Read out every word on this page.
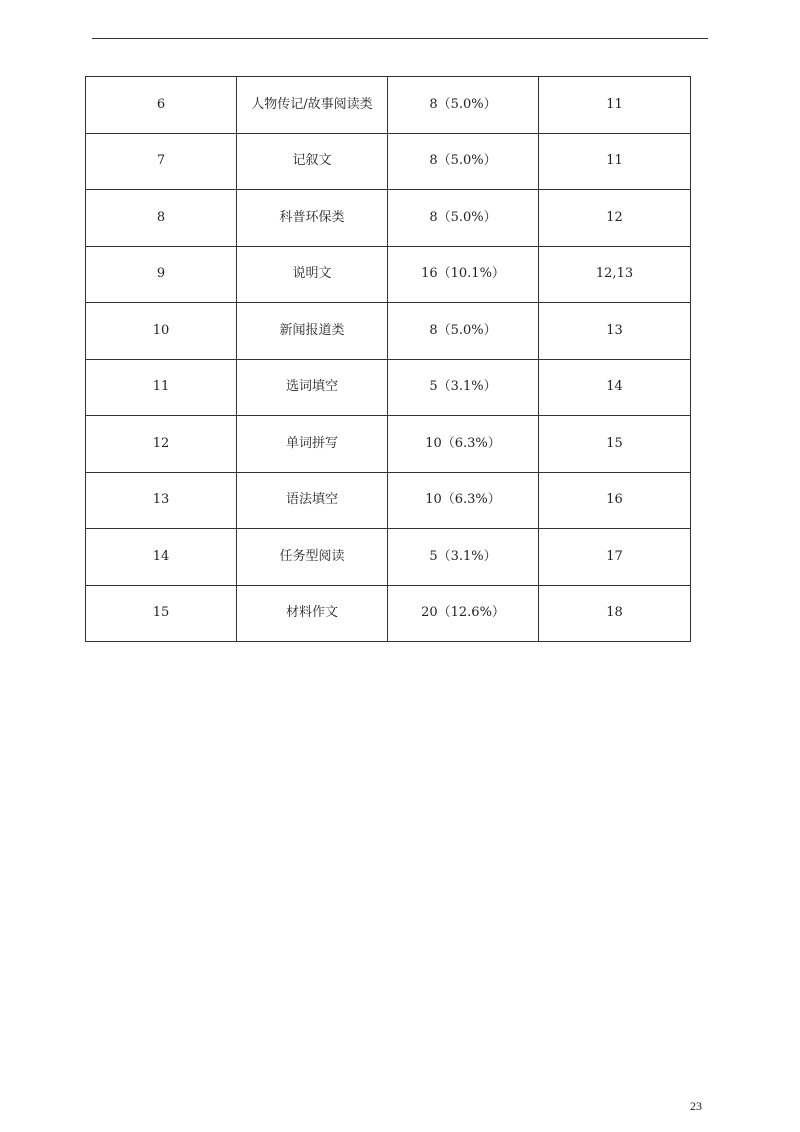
6	人物传记/故事阅读类	8（5.0%）	11
7	记叙文	8（5.0%）	11
8	科普环保类	8（5.0%）	12
9	说明文	16（10.1%）	12,13
10	新闻报道类	8（5.0%）	13
11	选词填空	5（3.1%）	14
12	单词拼写	10（6.3%）	15
13	语法填空	10（6.3%）	16
14	任务型阅读	5（3.1%）	17
15	材料作文	20（12.6%）	18
23
